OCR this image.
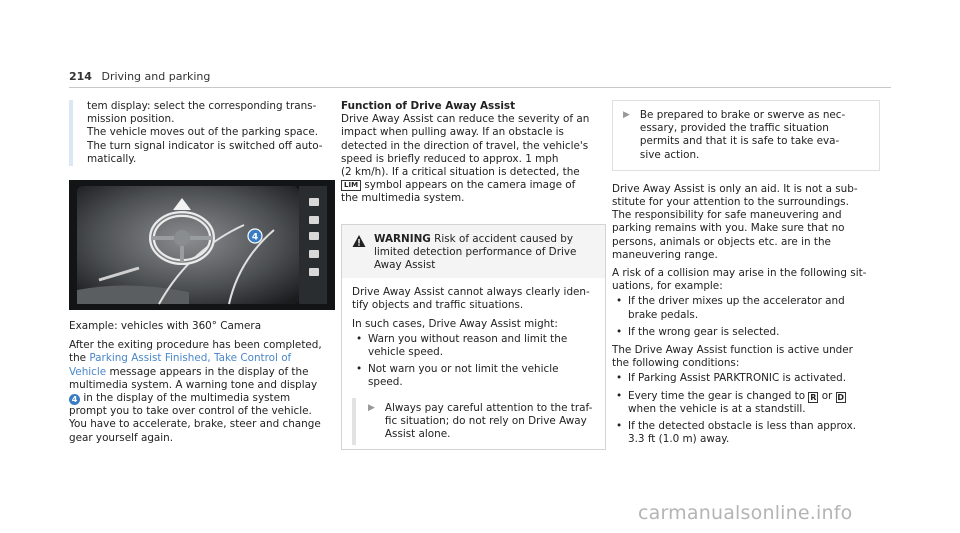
214 Driving and parking
tem display: select the corresponding trans-
mission position.
The vehicle moves out of the parking space.
The turn signal indicator is switched off auto-
matically.
4
Example: vehicles with 360° Camera
After the exiting procedure has been completed,
the Parking Assist Finished, Take Control of
Vehicle message appears in the display of the
multimedia system. A warning tone and display
4 in the display of the multimedia system
prompt you to take over control of the vehicle.
You have to accelerate, brake, steer and change
gear yourself again.
Function of Drive Away Assist
Drive Away Assist can reduce the severity of an
impact when pulling away. If an obstacle is
detected in the direction of travel, the vehicle's
speed is briefly reduced to approx. 1 mph
(2 km/h). If a critical situation is detected, the
LIM symbol appears on the camera image of
the multimedia system.
WARNING Risk of accident caused by
limited detection performance of Drive
Away Assist
Drive Away Assist cannot always clearly iden-
tify objects and traffic situations.
In such cases, Drive Away Assist might:
• Warn you without reason and limit the
vehicle speed.
• Not warn you or not limit the vehicle
speed.
▶ Always pay careful attention to the traf-
fic situation; do not rely on Drive Away
Assist alone.
▶ Be prepared to brake or swerve as nec-
essary, provided the traffic situation
permits and that it is safe to take eva-
sive action.

Drive Away Assist is only an aid. It is not a sub-
stitute for your attention to the surroundings.
The responsibility for safe maneuvering and
parking remains with you. Make sure that no
persons, animals or objects etc. are in the
maneuvering range.

A risk of a collision may arise in the following sit-
uations, for example:
• If the driver mixes up the accelerator and
brake pedals.
• If the wrong gear is selected.
The Drive Away Assist function is active under
the following conditions:
• If Parking Assist PARKTRONIC is activated.
• Every time the gear is changed to R or D
when the vehicle is at a standstill.
• If the detected obstacle is less than approx.
3.3 ft (1.0 m) away.
carmanualsonline.info
